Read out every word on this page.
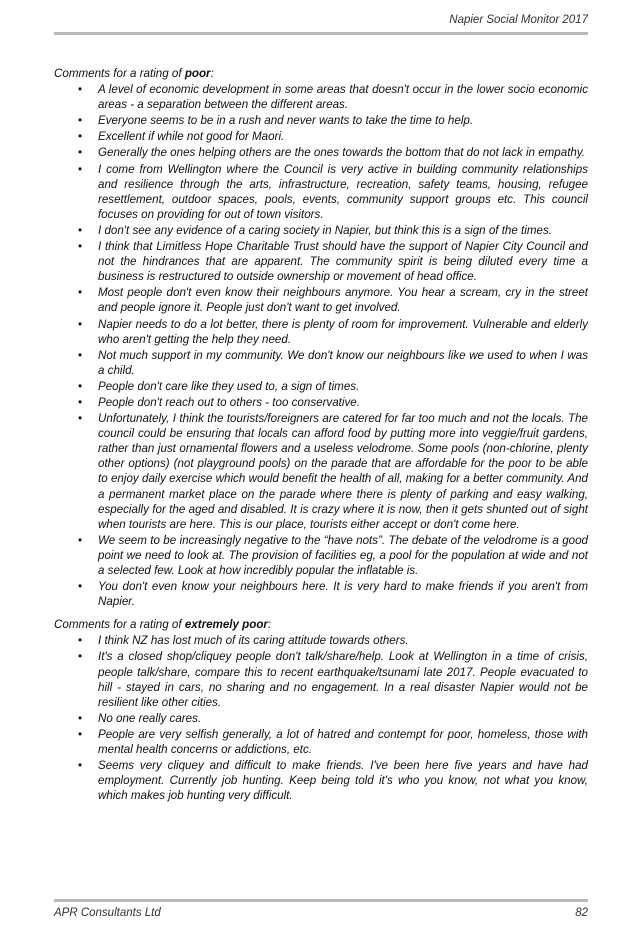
Napier Social Monitor 2017

Comments for a rating of poor:

• A level of economic development in some areas that doesn't occur in the lower socio economic areas - a separation between the different areas.
• Everyone seems to be in a rush and never wants to take the time to help.
• Excellent if while not good for Maori.
• Generally the ones helping others are the ones towards the bottom that do not lack in empathy.
• I come from Wellington where the Council is very active in building community relationships and resilience through the arts, infrastructure, recreation, safety teams, housing, refugee resettlement, outdoor spaces, pools, events, community support groups etc. This council focuses on providing for out of town visitors.
• I don't see any evidence of a caring society in Napier, but think this is a sign of the times.
• I think that Limitless Hope Charitable Trust should have the support of Napier City Council and not the hindrances that are apparent. The community spirit is being diluted every time a business is restructured to outside ownership or movement of head office.
• Most people don't even know their neighbours anymore. You hear a scream, cry in the street and people ignore it. People just don't want to get involved.
• Napier needs to do a lot better, there is plenty of room for improvement. Vulnerable and elderly who aren't getting the help they need.
• Not much support in my community. We don't know our neighbours like we used to when I was a child.
• People don't care like they used to, a sign of times.
• People don't reach out to others - too conservative.
• Unfortunately, I think the tourists/foreigners are catered for far too much and not the locals. The council could be ensuring that locals can afford food by putting more into veggie/fruit gardens, rather than just ornamental flowers and a useless velodrome. Some pools (non-chlorine, plenty other options) (not playground pools) on the parade that are affordable for the poor to be able to enjoy daily exercise which would benefit the health of all, making for a better community. And a permanent market place on the parade where there is plenty of parking and easy walking, especially for the aged and disabled. It is crazy where it is now, then it gets shunted out of sight when tourists are here. This is our place, tourists either accept or don't come here.
• We seem to be increasingly negative to the “have nots”. The debate of the velodrome is a good point we need to look at. The provision of facilities eg, a pool for the population at wide and not a selected few. Look at how incredibly popular the inflatable is.
• You don't even know your neighbours here. It is very hard to make friends if you aren't from Napier.

Comments for a rating of extremely poor:

• I think NZ has lost much of its caring attitude towards others.
• It's a closed shop/cliquey people don't talk/share/help. Look at Wellington in a time of crisis, people talk/share, compare this to recent earthquake/tsunami late 2017. People evacuated to hill - stayed in cars, no sharing and no engagement. In a real disaster Napier would not be resilient like other cities.
• No one really cares.
• People are very selfish generally, a lot of hatred and contempt for poor, homeless, those with mental health concerns or addictions, etc.
• Seems very cliquey and difficult to make friends. I've been here five years and have had employment. Currently job hunting. Keep being told it's who you know, not what you know, which makes job hunting very difficult.
APR Consultants Ltd	82
